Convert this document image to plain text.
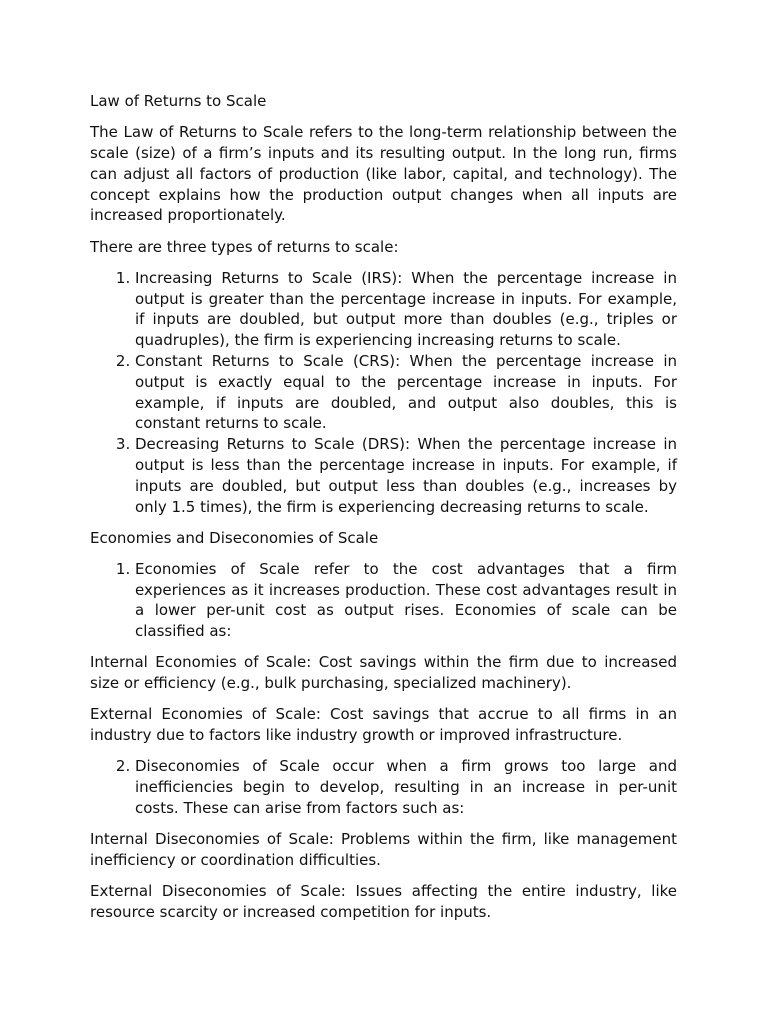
Law of Returns to Scale

The Law of Returns to Scale refers to the long-term relationship between the scale (size) of a firm’s inputs and its resulting output. In the long run, firms can adjust all factors of production (like labor, capital, and technology). The concept explains how the production output changes when all inputs are increased proportionately.

There are three types of returns to scale:

1. Increasing Returns to Scale (IRS): When the percentage increase in output is greater than the percentage increase in inputs. For example, if inputs are doubled, but output more than doubles (e.g., triples or quadruples), the firm is experiencing increasing returns to scale.
2. Constant Returns to Scale (CRS): When the percentage increase in output is exactly equal to the percentage increase in inputs. For example, if inputs are doubled, and output also doubles, this is constant returns to scale.
3. Decreasing Returns to Scale (DRS): When the percentage increase in output is less than the percentage increase in inputs. For example, if inputs are doubled, but output less than doubles (e.g., increases by only 1.5 times), the firm is experiencing decreasing returns to scale.

Economies and Diseconomies of Scale

1. Economies of Scale refer to the cost advantages that a firm experiences as it increases production. These cost advantages result in a lower per-unit cost as output rises. Economies of scale can be classified as:

Internal Economies of Scale: Cost savings within the firm due to increased size or efficiency (e.g., bulk purchasing, specialized machinery).

External Economies of Scale: Cost savings that accrue to all firms in an industry due to factors like industry growth or improved infrastructure.

2. Diseconomies of Scale occur when a firm grows too large and inefficiencies begin to develop, resulting in an increase in per-unit costs. These can arise from factors such as:

Internal Diseconomies of Scale: Problems within the firm, like management inefficiency or coordination difficulties.

External Diseconomies of Scale: Issues affecting the entire industry, like resource scarcity or increased competition for inputs.
